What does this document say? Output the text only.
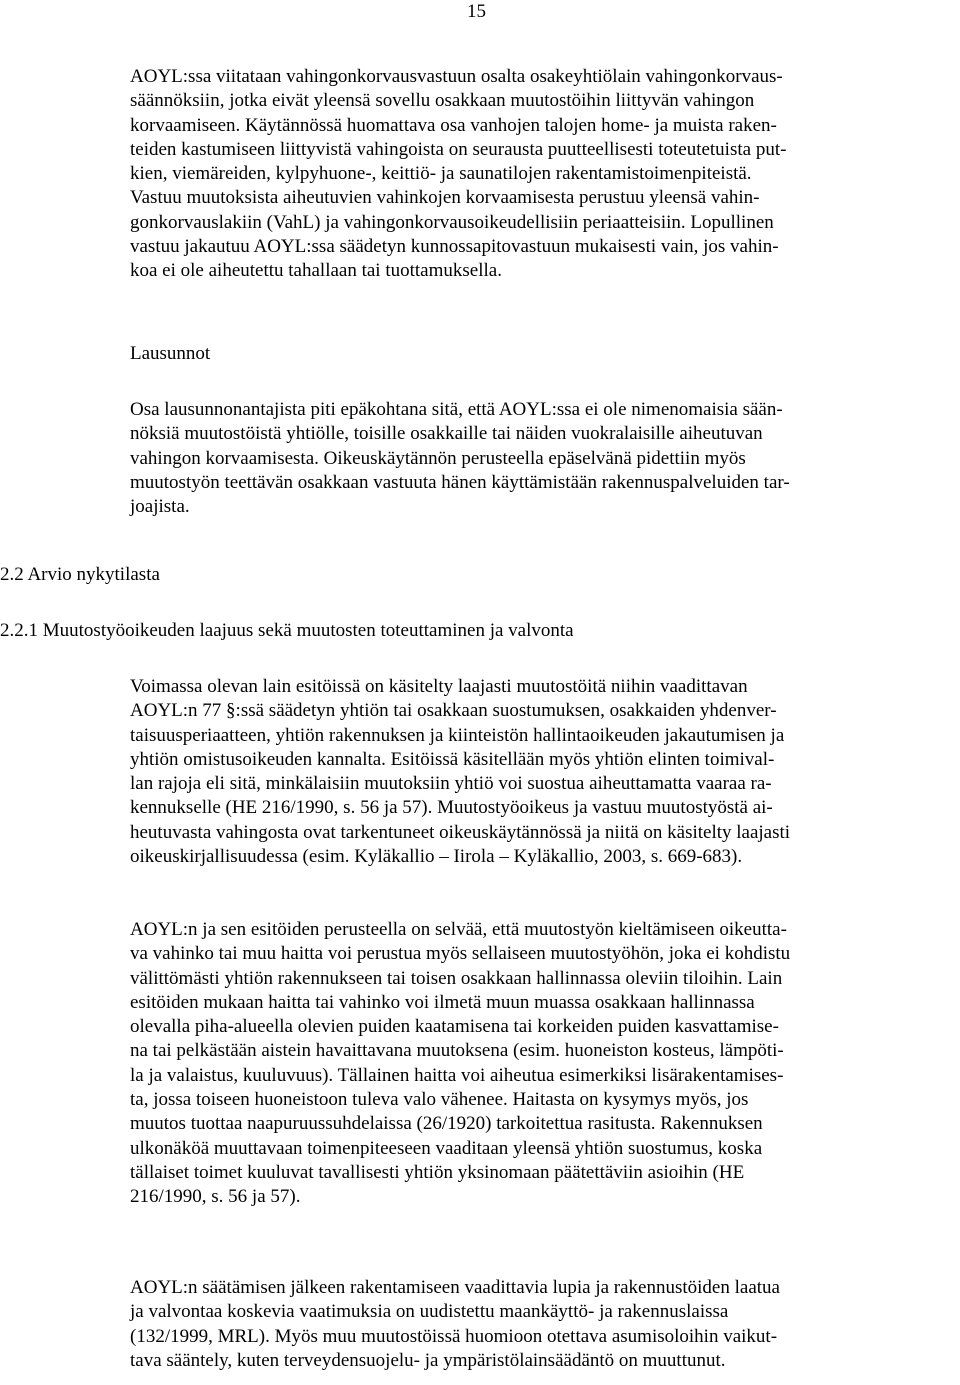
15

AOYL:ssa viitataan vahingonkorvausvastuun osalta osakeyhtiölain vahingonkorvaus-
säännöksiin, jotka eivät yleensä sovellu osakkaan muutostöihin liittyvän vahingon
korvaamiseen. Käytännössä huomattava osa vanhojen talojen home- ja muista raken-
teiden kastumiseen liittyvistä vahingoista on seurausta puutteellisesti toteutetuista put-
kien, viemäreiden, kylpyhuone-, keittiö- ja saunatilojen rakentamistoimenpiteistä.
Vastuu muutoksista aiheutuvien vahinkojen korvaamisesta perustuu yleensä vahin-
gonkorvauslakiin (VahL) ja vahingonkorvausoikeudellisiin periaatteisiin. Lopullinen
vastuu jakautuu AOYL:ssa säädetyn kunnossapitovastuun mukaisesti vain, jos vahin-
koa ei ole aiheutettu tahallaan tai tuottamuksella.

Lausunnot

Osa lausunnonantajista piti epäkohtana sitä, että AOYL:ssa ei ole nimenomaisia sään-
nöksiä muutostöistä yhtiölle, toisille osakkaille tai näiden vuokralaisille aiheutuvan
vahingon korvaamisesta. Oikeuskäytännön perusteella epäselvänä pidettiin myös
muutostyön teettävän osakkaan vastuuta hänen käyttämistään rakennuspalveluiden tar-
joajista.

2.2 Arvio nykytilasta
2.2.1 Muutostyöoikeuden laajuus sekä muutosten toteuttaminen ja valvonta

Voimassa olevan lain esitöissä on käsitelty laajasti muutostöitä niihin vaadittavan
AOYL:n 77 §:ssä säädetyn yhtiön tai osakkaan suostumuksen, osakkaiden yhdenver-
taisuusperiaatteen, yhtiön rakennuksen ja kiinteistön hallintaoikeuden jakautumisen ja
yhtiön omistusoikeuden kannalta. Esitöissä käsitellään myös yhtiön elinten toimival-
lan rajoja eli sitä, minkälaisiin muutoksiin yhtiö voi suostua aiheuttamatta vaaraa ra-
kennukselle (HE 216/1990, s. 56 ja 57). Muutostyöoikeus ja vastuu muutostyöstä ai-
heutuvasta vahingosta ovat tarkentuneet oikeuskäytännössä ja niitä on käsitelty laajasti
oikeuskirjallisuudessa (esim. Kyläkallio – Iirola – Kyläkallio, 2003, s. 669-683).

AOYL:n ja sen esitöiden perusteella on selvää, että muutostyön kieltämiseen oikeutta-
va vahinko tai muu haitta voi perustua myös sellaiseen muutostyöhön, joka ei kohdistu
välittömästi yhtiön rakennukseen tai toisen osakkaan hallinnassa oleviin tiloihin. Lain
esitöiden mukaan haitta tai vahinko voi ilmetä muun muassa osakkaan hallinnassa
olevalla piha-alueella olevien puiden kaatamisena tai korkeiden puiden kasvattamise-
na tai pelkästään aistein havaittavana muutoksena (esim. huoneiston kosteus, lämpöti-
la ja valaistus, kuuluvuus). Tällainen haitta voi aiheutua esimerkiksi lisärakentamises-
ta, jossa toiseen huoneistoon tuleva valo vähenee. Haitasta on kysymys myös, jos
muutos tuottaa naapuruussuhdelaissa (26/1920) tarkoitettua rasitusta. Rakennuksen
ulkonäköä muuttavaan toimenpiteeseen vaaditaan yleensä yhtiön suostumus, koska
tällaiset toimet kuuluvat tavallisesti yhtiön yksinomaan päätettäviin asioihin (HE
216/1990, s. 56 ja 57).

AOYL:n säätämisen jälkeen rakentamiseen vaadittavia lupia ja rakennustöiden laatua
ja valvontaa koskevia vaatimuksia on uudistettu maankäyttö- ja rakennuslaissa
(132/1999, MRL). Myös muu muutostöissä huomioon otettava asumisoloihin vaikut-
tava sääntely, kuten terveydensuojelu- ja ympäristölainsäädäntö on muuttunut.
